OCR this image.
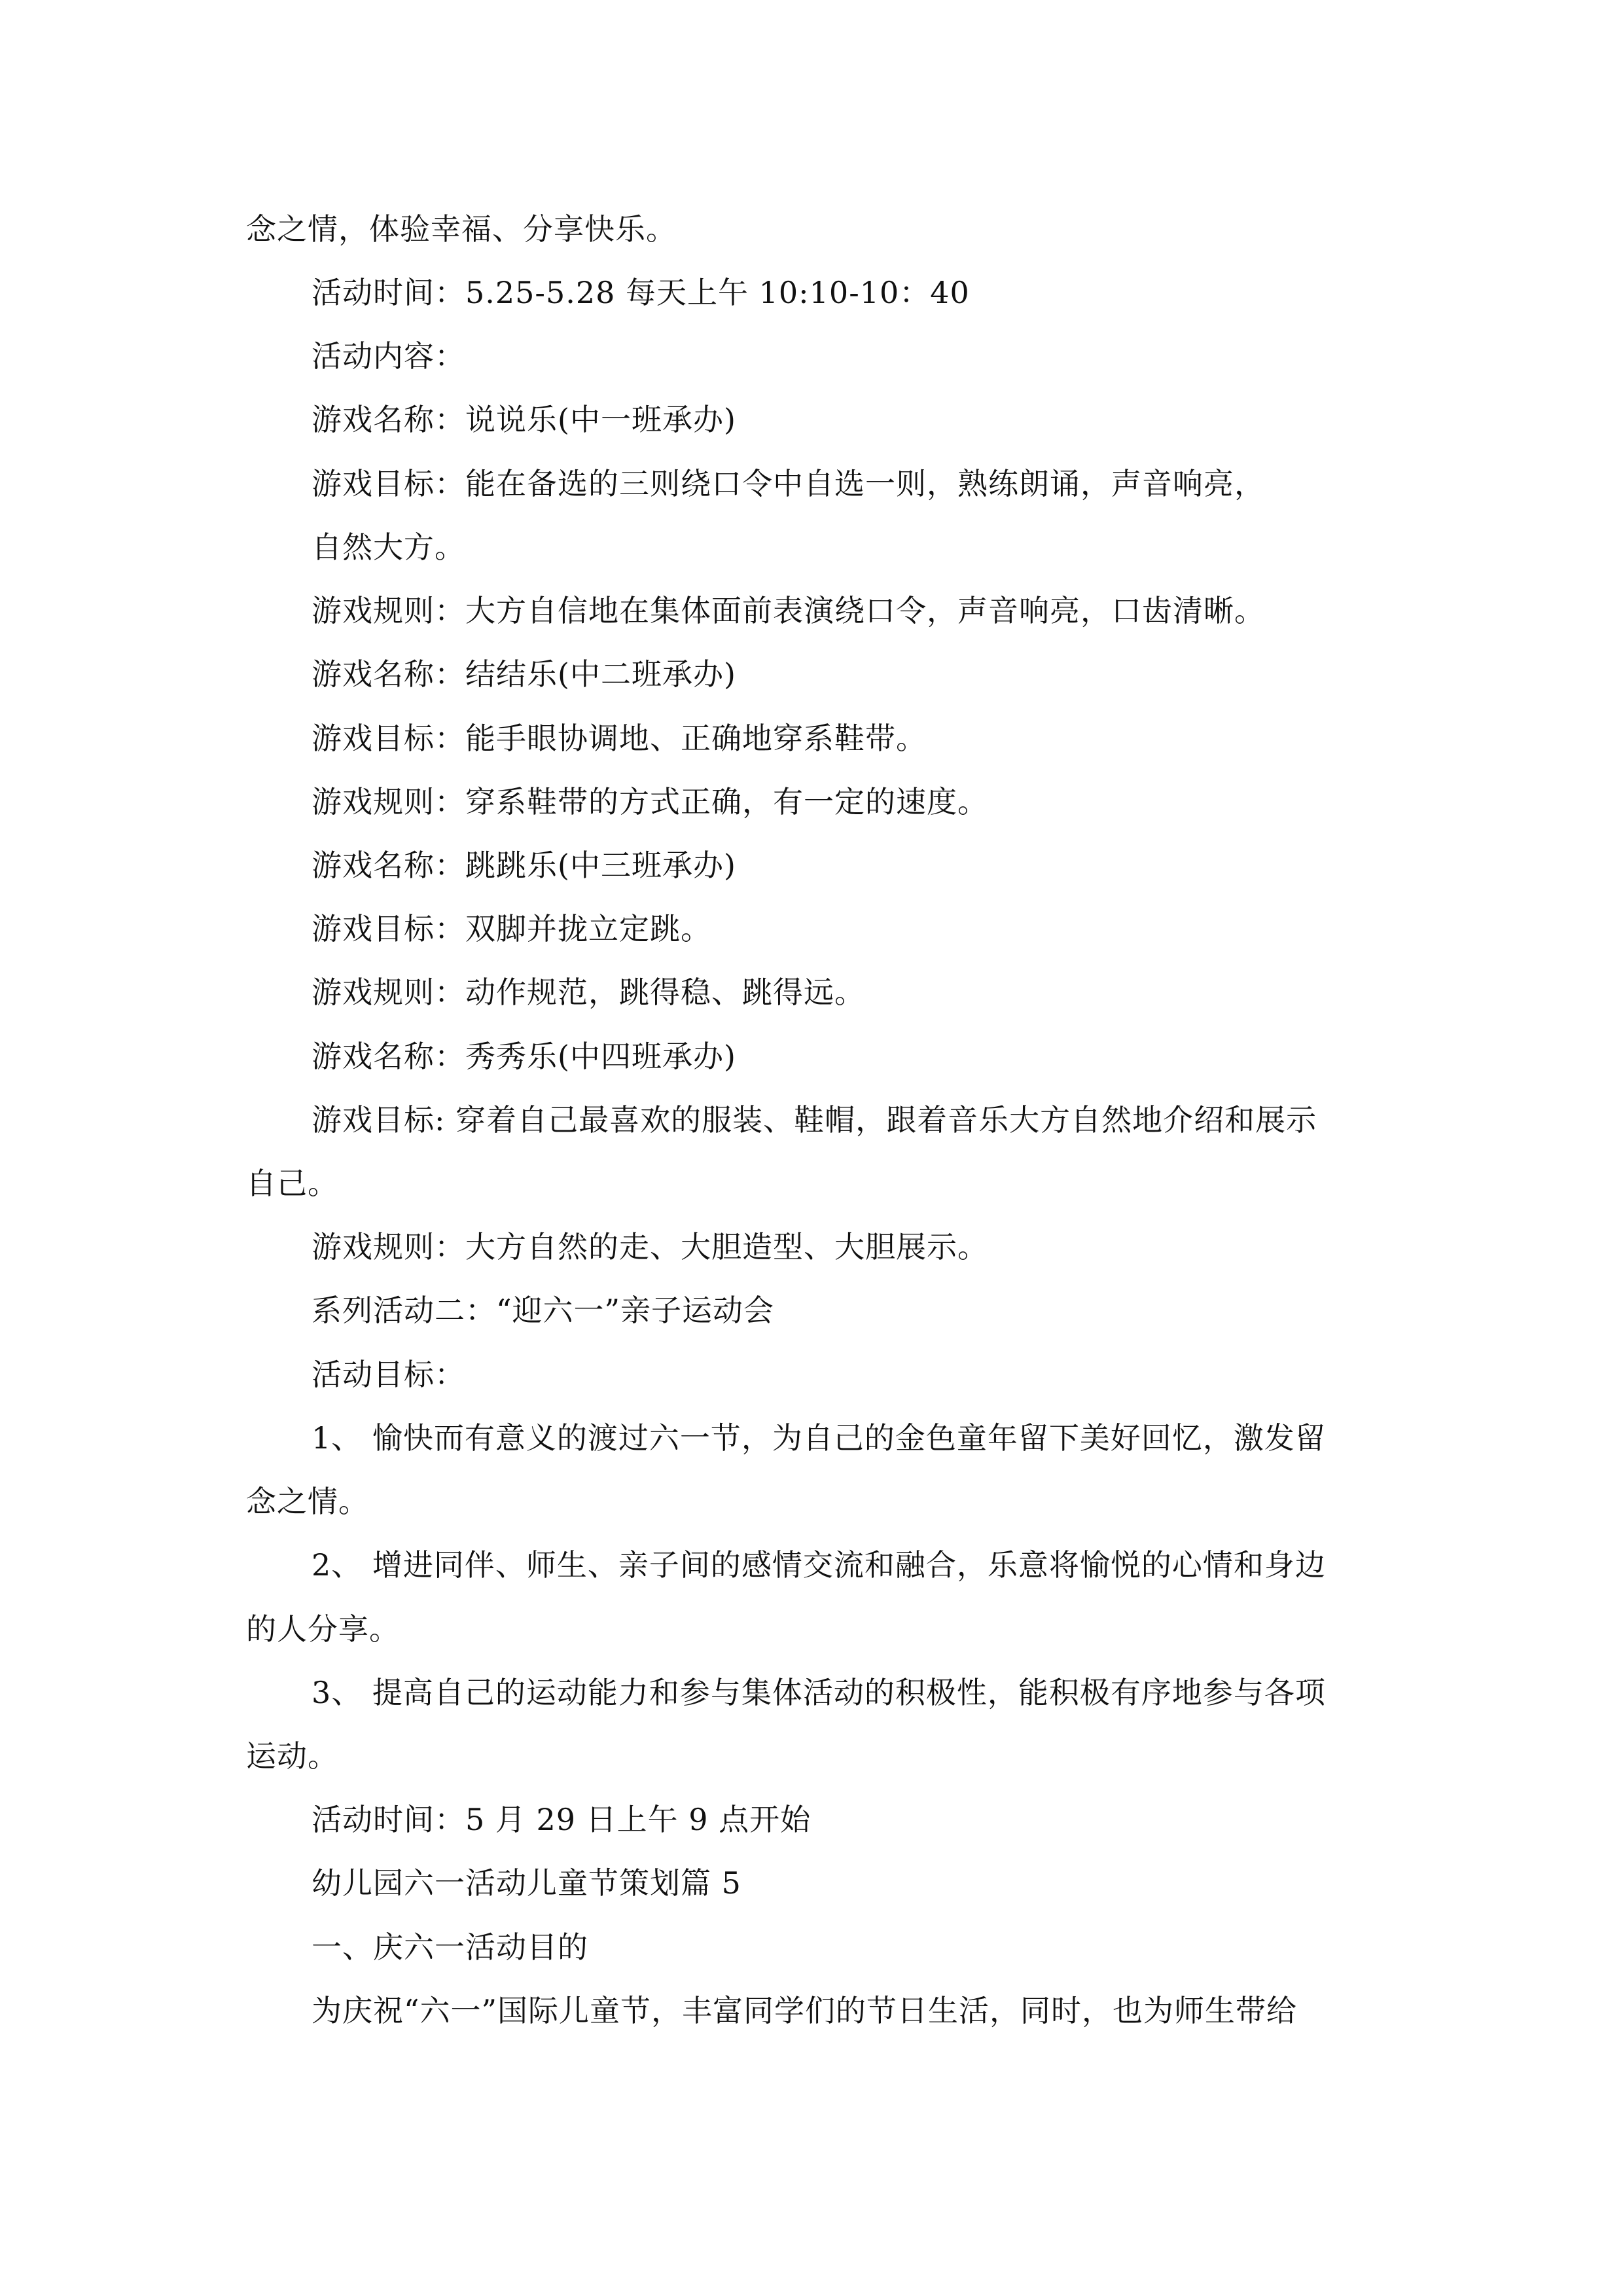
念之情，体验幸福、分享快乐。
活动时间：5.25-5.28 每天上午 10:10-10：40
活动内容：
游戏名称：说说乐(中一班承办)
游戏目标：能在备选的三则绕口令中自选一则，熟练朗诵，声音响亮，
自然大方。
游戏规则：大方自信地在集体面前表演绕口令，声音响亮，口齿清晰。
游戏名称：结结乐(中二班承办)
游戏目标：能手眼协调地、正确地穿系鞋带。
游戏规则：穿系鞋带的方式正确，有一定的速度。
游戏名称：跳跳乐(中三班承办)
游戏目标：双脚并拢立定跳。
游戏规则：动作规范，跳得稳、跳得远。
游戏名称：秀秀乐(中四班承办)
游戏目标: 穿着自己最喜欢的服装、鞋帽，跟着音乐大方自然地介绍和展示
自己。
游戏规则：大方自然的走、大胆造型、大胆展示。
系列活动二：“迎六一”亲子运动会
活动目标：
1、 愉快而有意义的渡过六一节，为自己的金色童年留下美好回忆，激发留
念之情。
2、 增进同伴、师生、亲子间的感情交流和融合，乐意将愉悦的心情和身边
的人分享。
3、 提高自己的运动能力和参与集体活动的积极性，能积极有序地参与各项
运动。
活动时间：5 月 29 日上午 9 点开始
幼儿园六一活动儿童节策划篇 5
一、庆六一活动目的
为庆祝“六一”国际儿童节，丰富同学们的节日生活，同时，也为师生带给
